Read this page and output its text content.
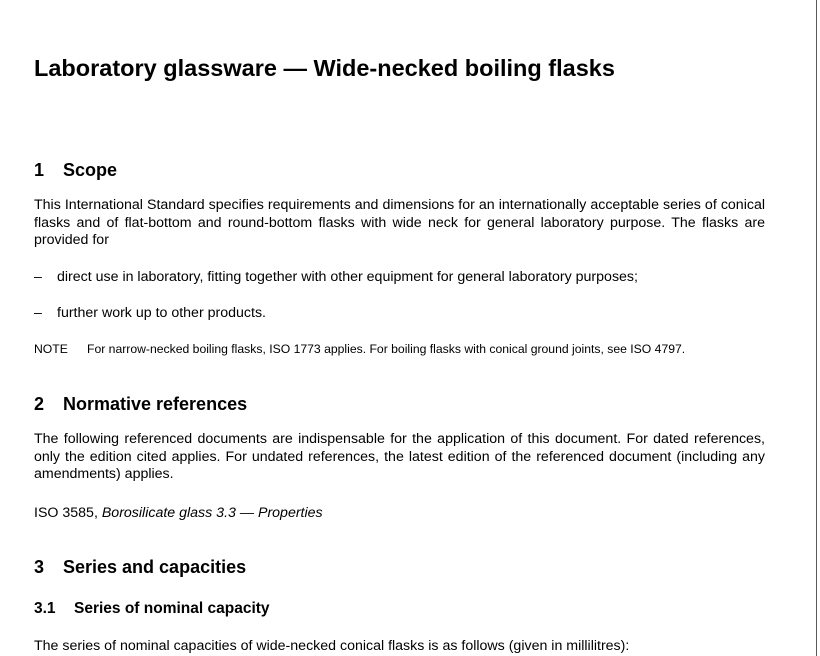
Laboratory glassware — Wide-necked boiling flasks
1 Scope

This International Standard specifies requirements and dimensions for an internationally acceptable series of conical flasks and of flat-bottom and round-bottom flasks with wide neck for general laboratory purpose. The flasks are provided for

– direct use in laboratory, fitting together with other equipment for general laboratory purposes;
– further work up to other products.
NOTE For narrow-necked boiling flasks, ISO 1773 applies. For boiling flasks with conical ground joints, see ISO 4797.
2 Normative references

The following referenced documents are indispensable for the application of this document. For dated references, only the edition cited applies. For undated references, the latest edition of the referenced document (including any amendments) applies.

ISO 3585, Borosilicate glass 3.3 — Properties
3 Series and capacities
3.1 Series of nominal capacity
The series of nominal capacities of wide-necked conical flasks is as follows (given in millilitres):
